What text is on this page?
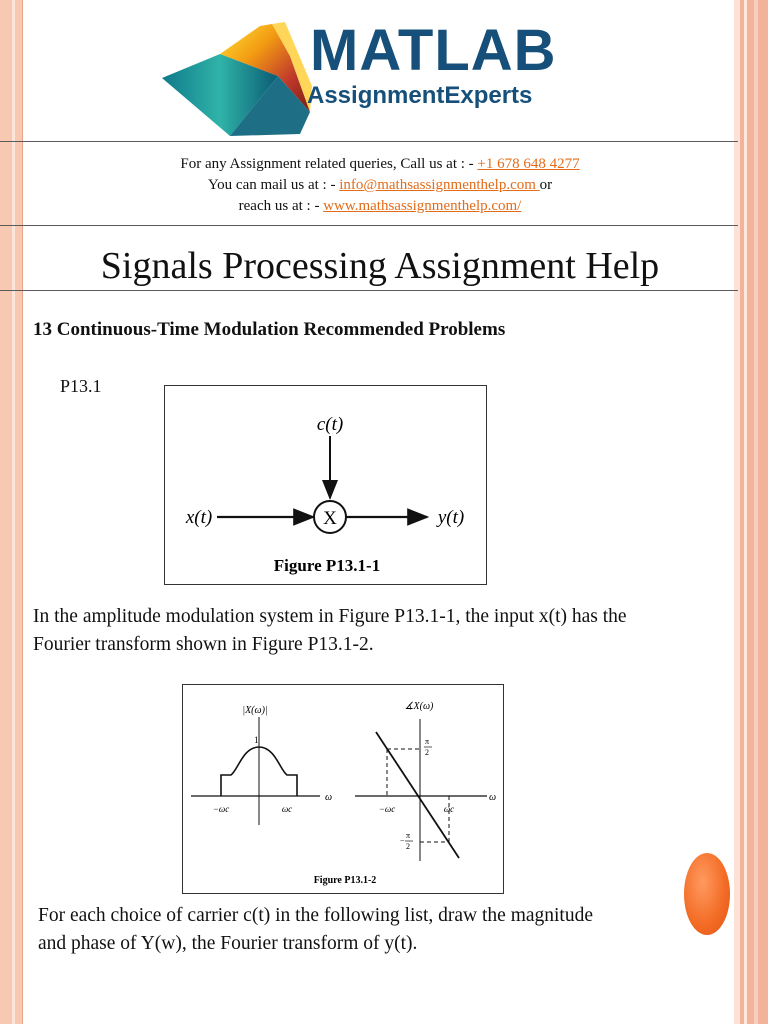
MATLAB
AssignmentExperts
For any Assignment related queries, Call us at : - +1 678 648 4277
You can mail us at : - info@mathsassignmenthelp.com or
reach us at : - www.mathsassignmenthelp.com/
Signals Processing Assignment Help
13 Continuous-Time Modulation Recommended Problems
P13.1
X
c(t)
x(t)	y(t)
Figure P13.1-1
In the amplitude modulation system in Figure P13.1-1, the input x(t) has the
Fourier transform shown in Figure P13.1-2.
|X(ω)|
1
−ωc	ωc
ω
∡X(ω)
π
2
−
π
2
−ωc	ωc
ω
Figure P13.1-2
For each choice of carrier c(t) in the following list, draw the magnitude
and phase of Y(w), the Fourier transform of y(t).
